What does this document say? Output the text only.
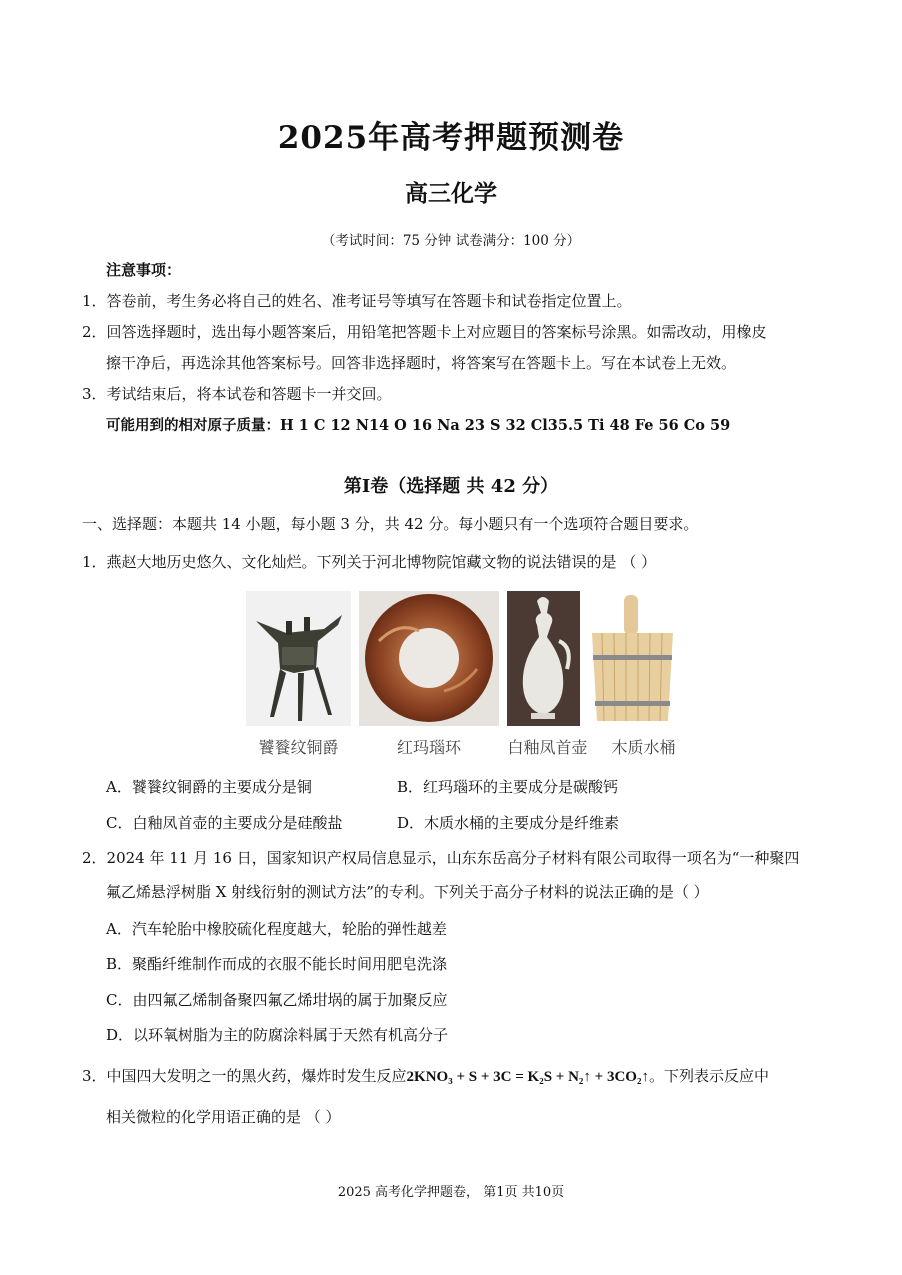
2025年高考押题预测卷
高三化学
（考试时间：75 分钟 试卷满分：100 分）
注意事项：
1．答卷前，考生务必将自己的姓名、准考证号等填写在答题卡和试卷指定位置上。
2．回答选择题时，选出每小题答案后，用铅笔把答题卡上对应题目的答案标号涂黑。如需改动，用橡皮
擦干净后，再选涂其他答案标号。回答非选择题时，将答案写在答题卡上。写在本试卷上无效。
3．考试结束后，将本试卷和答题卡一并交回。
可能用到的相对原子质量：H 1 C 12 N14 O 16 Na 23 S 32 Cl35.5 Ti 48 Fe 56 Co 59
第Ⅰ卷（选择题 共 42 分）
一、选择题：本题共 14 小题，每小题 3 分，共 42 分。每小题只有一个选项符合题目要求。
1．燕赵大地历史悠久、文化灿烂。下列关于河北博物院馆藏文物的说法错误的是 （ ）
饕餮纹铜爵	红玛瑙环	白釉凤首壶	木质水桶
A．饕餮纹铜爵的主要成分是铜	B．红玛瑙环的主要成分是碳酸钙
C．白釉凤首壶的主要成分是硅酸盐	D．木质水桶的主要成分是纤维素
2．2024 年 11 月 16 日，国家知识产权局信息显示，山东东岳高分子材料有限公司取得一项名为“一种聚四
氟乙烯悬浮树脂 X 射线衍射的测试方法”的专利。下列关于高分子材料的说法正确的是（ ）
A．汽车轮胎中橡胶硫化程度越大，轮胎的弹性越差
B．聚酯纤维制作而成的衣服不能长时间用肥皂洗涤
C．由四氟乙烯制备聚四氟乙烯坩埚的属于加聚反应
D．以环氧树脂为主的防腐涂料属于天然有机高分子
3．中国四大发明之一的黑火药，爆炸时发生反应2KNO₃ + S + 3C = K₂S + N₂↑ + 3CO₂↑。下列表示反应中
相关微粒的化学用语正确的是 （ ）
2025 高考化学押题卷， 第1页 共10页
